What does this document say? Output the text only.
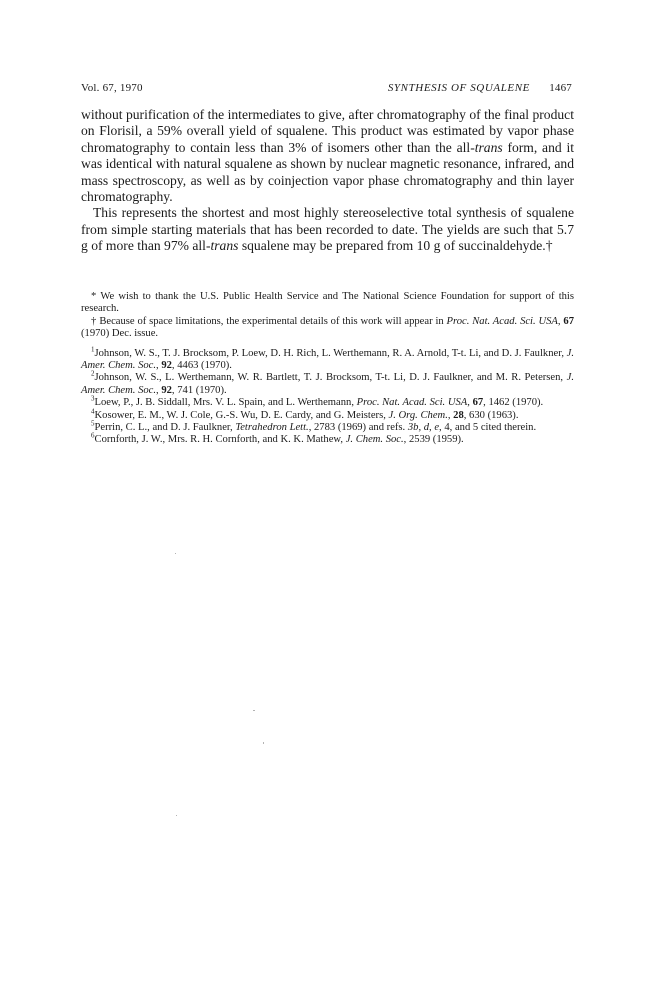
Vol. 67, 1970	SYNTHESIS OF SQUALENE 1467

without purification of the intermediates to give, after chromatography of the final product on Florisil, a 59% overall yield of squalene. This product was estimated by vapor phase chromatography to contain less than 3% of isomers other than the all-trans form, and it was identical with natural squalene as shown by nuclear magnetic resonance, infrared, and mass spectroscopy, as well as by coinjection vapor phase chromatography and thin layer chromatography.

This represents the shortest and most highly stereoselective total synthesis of squalene from simple starting materials that has been recorded to date. The yields are such that 5.7 g of more than 97% all-trans squalene may be prepared from 10 g of succinaldehyde.†

* We wish to thank the U.S. Public Health Service and The National Science Foundation for support of this research.

† Because of space limitations, the experimental details of this work will appear in Proc. Nat. Acad. Sci. USA, 67 (1970) Dec. issue.

$^1$Johnson, W. S., T. J. Brocksom, P. Loew, D. H. Rich, L. Werthemann, R. A. Arnold, T-t. Li, and D. J. Faulkner, J. Amer. Chem. Soc., 92, 4463 (1970).

$^2$Johnson, W. S., L. Werthemann, W. R. Bartlett, T. J. Brocksom, T-t. Li, D. J. Faulkner, and M. R. Petersen, J. Amer. Chem. Soc., 92, 741 (1970).

$^3$Loew, P., J. B. Siddall, Mrs. V. L. Spain, and L. Werthemann, Proc. Nat. Acad. Sci. USA, 67, 1462 (1970).

$^4$Kosower, E. M., W. J. Cole, G.-S. Wu, D. E. Cardy, and G. Meisters, J. Org. Chem., 28, 630 (1963).

$^5$Perrin, C. L., and D. J. Faulkner, Tetrahedron Lett., 2783 (1969) and refs. 3b, d, e, 4, and 5 cited therein.

$^6$Cornforth, J. W., Mrs. R. H. Cornforth, and K. K. Mathew, J. Chem. Soc., 2539 (1959).
